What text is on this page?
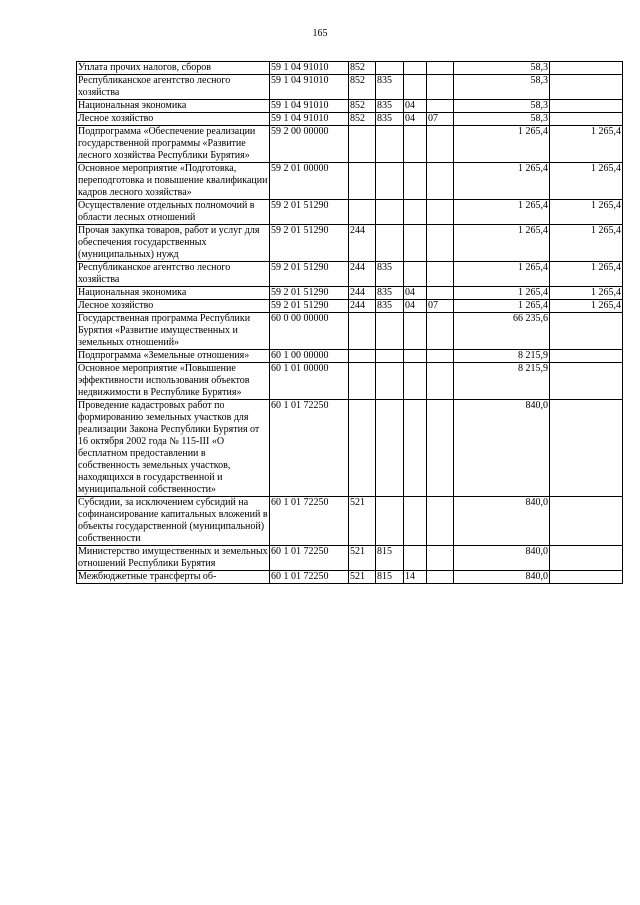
165
Уплата прочих налогов, сборов	59 1 04 91010	852				58,3	
Республиканское агентство лесного хозяйства	59 1 04 91010	852	835			58,3	
Национальная экономика	59 1 04 91010	852	835	04		58,3	
Лесное хозяйство	59 1 04 91010	852	835	04	07	58,3	
Подпрограмма «Обеспечение реализации государственной программы «Развитие лесного хозяйства Республики Бурятия»	59 2 00 00000					1 265,4	1 265,4
Основное мероприятие «Подготовка, переподготовка и повышение квалификации кадров лесного хозяйства»	59 2 01 00000					1 265,4	1 265,4
Осуществление отдельных полномочий в области лесных отношений	59 2 01 51290					1 265,4	1 265,4
Прочая закупка товаров, работ и услуг для обеспечения государственных (муниципальных) нужд	59 2 01 51290	244				1 265,4	1 265,4
Республиканское агентство лесного хозяйства	59 2 01 51290	244	835			1 265,4	1 265,4
Национальная экономика	59 2 01 51290	244	835	04		1 265,4	1 265,4
Лесное хозяйство	59 2 01 51290	244	835	04	07	1 265,4	1 265,4
Государственная программа Республики Бурятия «Развитие имущественных и земельных отношений»	60 0 00 00000					66 235,6	
Подпрограмма «Земельные отношения»	60 1 00 00000					8 215,9	
Основное мероприятие «Повышение эффективности использования объектов недвижимости в Республике Бурятия»	60 1 01 00000					8 215,9	
Проведение кадастровых работ по формированию земельных участков для реализации Закона Республики Бурятия от 16 октября 2002 года № 115-III «О бесплатном предоставлении в собственность земельных участков, находящихся в государственной и муниципальной собственности»	60 1 01 72250					840,0	
Субсидии, за исключением субсидий на софинансирование капитальных вложений в объекты государственной (муниципальной) собственности	60 1 01 72250	521				840,0	
Министерство имущественных и земельных отношений Республики Бурятия	60 1 01 72250	521	815			840,0	
Межбюджетные трансферты об-	60 1 01 72250	521	815	14		840,0	
